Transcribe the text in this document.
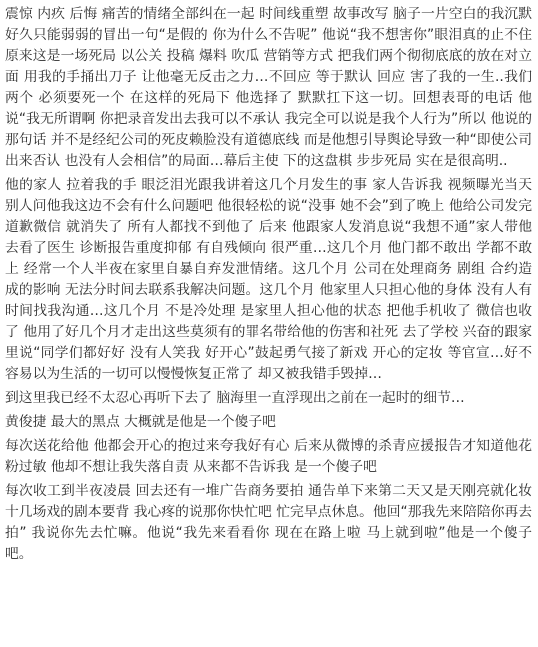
震惊 内疚 后悔 痛苦的情绪全部纠在一起 时间线重塑 故事改写 脑子一片空白的我沉默好久只能弱弱的冒出一句“是假的 你为什么不告呢” 他说“我不想害你”眼泪真的止不住 原来这是一场死局 以公关 投稿 爆料 吹瓜 营销等方式 把我们两个彻彻底底的放在对立面 用我的手捅出刀子 让他毫无反击之力…不回应 等于默认 回应 害了我的一生..我们两个 必须要死一个 在这样的死局下 他选择了 默默扛下这一切。回想表哥的电话 他说“我无所谓啊 你把录音发出去我可以不承认 我完全可以说是我个人行为”所以 他说的那句话 并不是经纪公司的死皮赖脸没有道德底线 而是他想引导舆论导致一种“即使公司出来否认 也没有人会相信”的局面…幕后主使 下的这盘棋 步步死局 实在是很高明..

他的家人 拉着我的手 眼泛泪光跟我讲着这几个月发生的事 家人告诉我 视频曝光当天 别人问他我这边不会有什么问题吧 他很轻松的说“没事 她不会”到了晚上 他给公司发完道歉微信 就消失了 所有人都找不到他了 后来 他跟家人发消息说“我想不通”家人带他去看了医生 诊断报告重度抑郁 有自残倾向 很严重…这几个月 他门都不敢出 学都不敢上 经常一个人半夜在家里自暴自弃发泄情绪。这几个月 公司在处理商务 剧组 合约造成的影响 无法分时间去联系我解决问题。这几个月 他家里人只担心他的身体 没有人有时间找我沟通…这几个月 不是冷处理 是家里人担心他的状态 把他手机收了 微信也收了 他用了好几个月才走出这些莫须有的罪名带给他的伤害和社死 去了学校 兴奋的跟家里说“同学们都好好 没有人笑我 好开心”鼓起勇气接了新戏 开心的定妆 等官宣…好不容易以为生活的一切可以慢慢恢复正常了 却又被我错手毁掉…

到这里我已经不太忍心再听下去了 脑海里一直浮现出之前在一起时的细节…

黄俊捷 最大的黑点 大概就是他是一个傻子吧

每次送花给他 他都会开心的抱过来夸我好有心 后来从微博的杀青应援报告才知道他花粉过敏 他却不想让我失落自责 从来都不告诉我 是一个傻子吧

每次收工到半夜凌晨 回去还有一堆广告商务要拍 通告单下来第二天又是天刚亮就化妆 十几场戏的剧本要背 我心疼的说那你快忙吧 忙完早点休息。他回“那我先来陪陪你再去拍” 我说你先去忙嘛。他说“我先来看看你 现在在路上啦 马上就到啦”他是一个傻子吧。
